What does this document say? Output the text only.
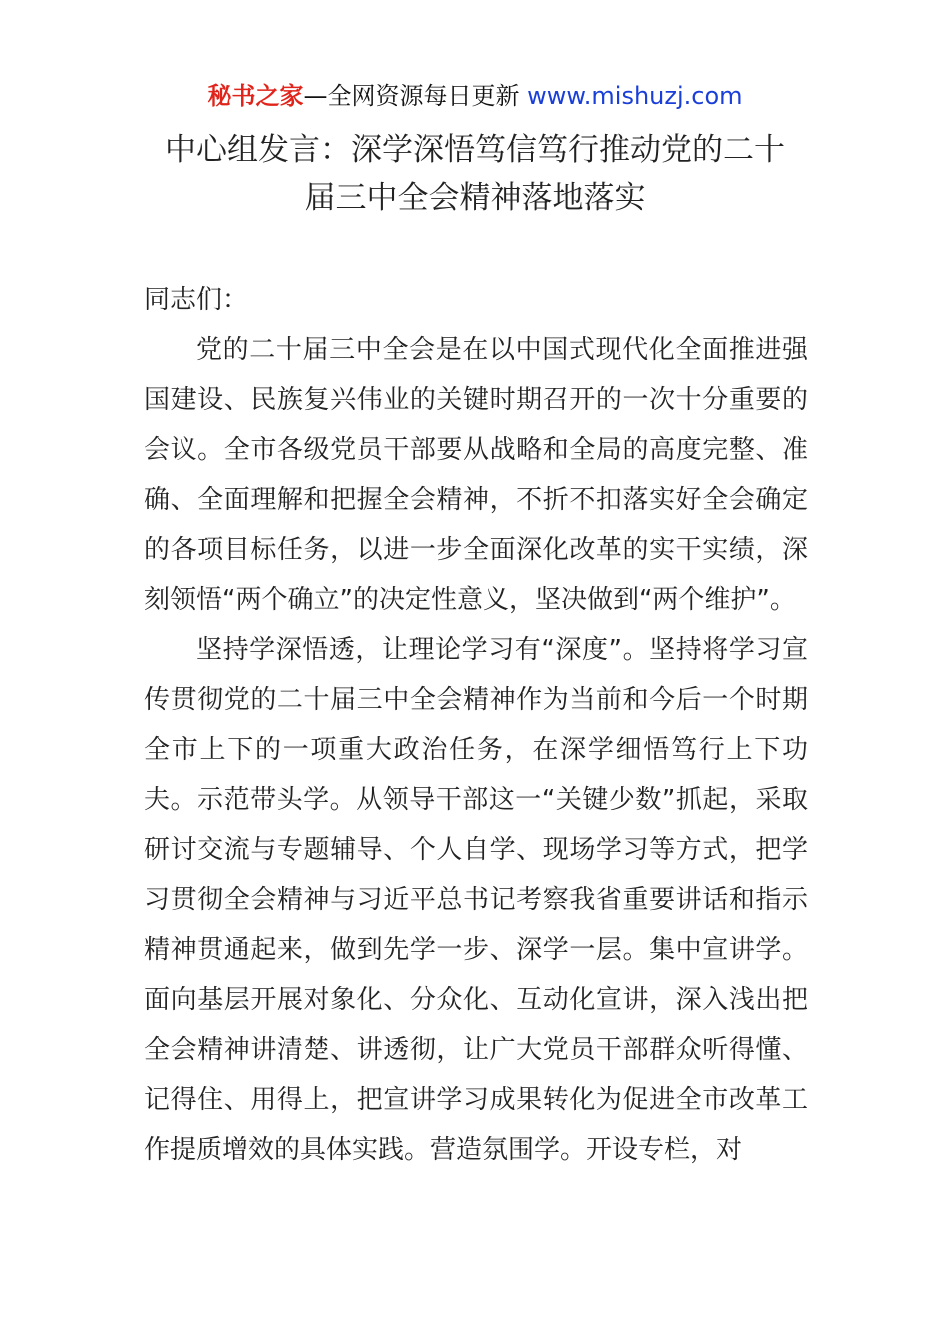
秘书之家—全网资源每日更新 www.mishuzj.com
中心组发言：深学深悟笃信笃行推动党的二十
届三中全会精神落地落实

同志们：

党的二十届三中全会是在以中国式现代化全面推进强国建设、民族复兴伟业的关键时期召开的一次十分重要的会议。全市各级党员干部要从战略和全局的高度完整、准确、全面理解和把握全会精神，不折不扣落实好全会确定的各项目标任务，以进一步全面深化改革的实干实绩，深刻领悟“两个确立”的决定性意义，坚决做到“两个维护”。

坚持学深悟透，让理论学习有“深度”。坚持将学习宣传贯彻党的二十届三中全会精神作为当前和今后一个时期全市上下的一项重大政治任务，在深学细悟笃行上下功夫。示范带头学。从领导干部这一“关键少数”抓起，采取研讨交流与专题辅导、个人自学、现场学习等方式，把学习贯彻全会精神与习近平总书记考察我省重要讲话和指示精神贯通起来，做到先学一步、深学一层。集中宣讲学。面向基层开展对象化、分众化、互动化宣讲，深入浅出把全会精神讲清楚、讲透彻，让广大党员干部群众听得懂、记得住、用得上，把宣讲学习成果转化为促进全市改革工作提质增效的具体实践。营造氛围学。开设专栏，对
